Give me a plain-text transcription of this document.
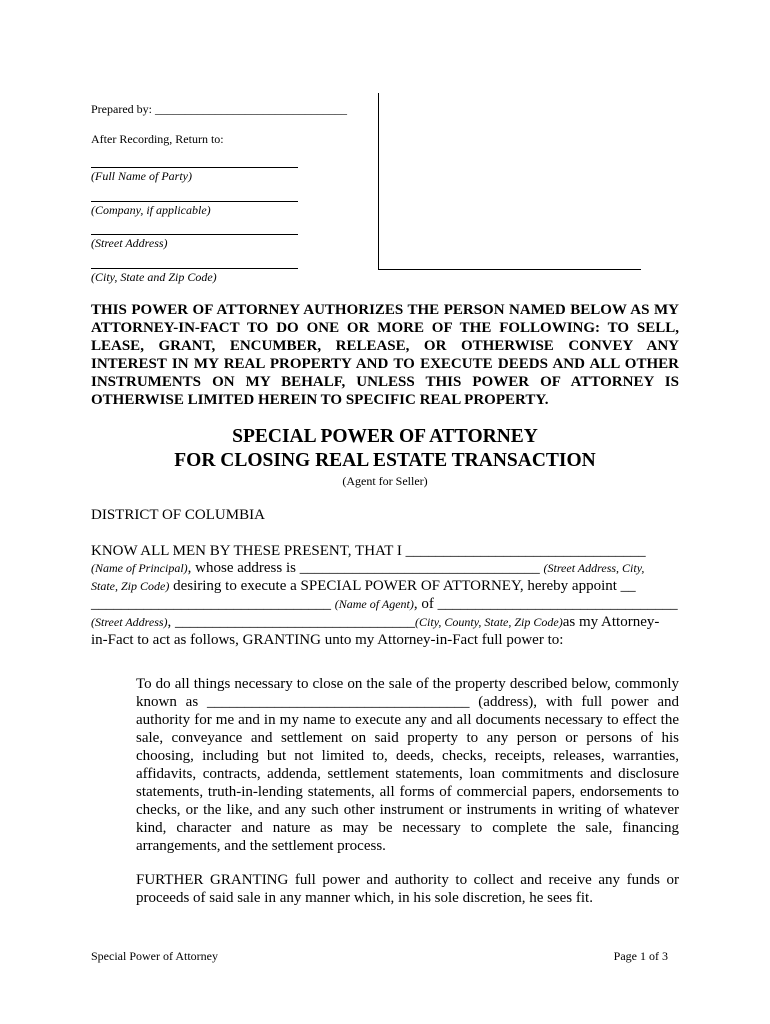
Prepared by: ________________________________
After Recording, Return to:
(Full Name of Party)
(Company, if applicable)
(Street Address)
(City, State and Zip Code)
THIS POWER OF ATTORNEY AUTHORIZES THE PERSON NAMED BELOW AS MY ATTORNEY-IN-FACT TO DO ONE OR MORE OF THE FOLLOWING: TO SELL, LEASE, GRANT, ENCUMBER, RELEASE, OR OTHERWISE CONVEY ANY INTEREST IN MY REAL PROPERTY AND TO EXECUTE DEEDS AND ALL OTHER INSTRUMENTS ON MY BEHALF, UNLESS THIS POWER OF ATTORNEY IS OTHERWISE LIMITED HEREIN TO SPECIFIC REAL PROPERTY.
SPECIAL POWER OF ATTORNEY
FOR CLOSING REAL ESTATE TRANSACTION
(Agent for Seller)
DISTRICT OF COLUMBIA
KNOW ALL MEN BY THESE PRESENT, THAT I ________________________________
(Name of Principal), whose address is ________________________________ (Street Address, City,
State, Zip Code) desiring to execute a SPECIAL POWER OF ATTORNEY, hereby appoint __
________________________________ (Name of Agent), of ________________________________
(Street Address), ________________________________(City, County, State, Zip Code)as my Attorney-
in-Fact to act as follows, GRANTING unto my Attorney-in-Fact full power to:
To do all things necessary to close on the sale of the property described below, commonly known as ___________________________________ (address), with full power and authority for me and in my name to execute any and all documents necessary to effect the sale, conveyance and settlement on said property to any person or persons of his choosing, including but not limited to, deeds, checks, receipts, releases, warranties, affidavits, contracts, addenda, settlement statements, loan commitments and disclosure statements, truth-in-lending statements, all forms of commercial papers, endorsements to checks, or the like, and any such other instrument or instruments in writing of whatever kind, character and nature as may be necessary to complete the sale, financing arrangements, and the settlement process.
FURTHER GRANTING full power and authority to collect and receive any funds or proceeds of said sale in any manner which, in his sole discretion, he sees fit.
Special Power of Attorney	Page 1 of 3
